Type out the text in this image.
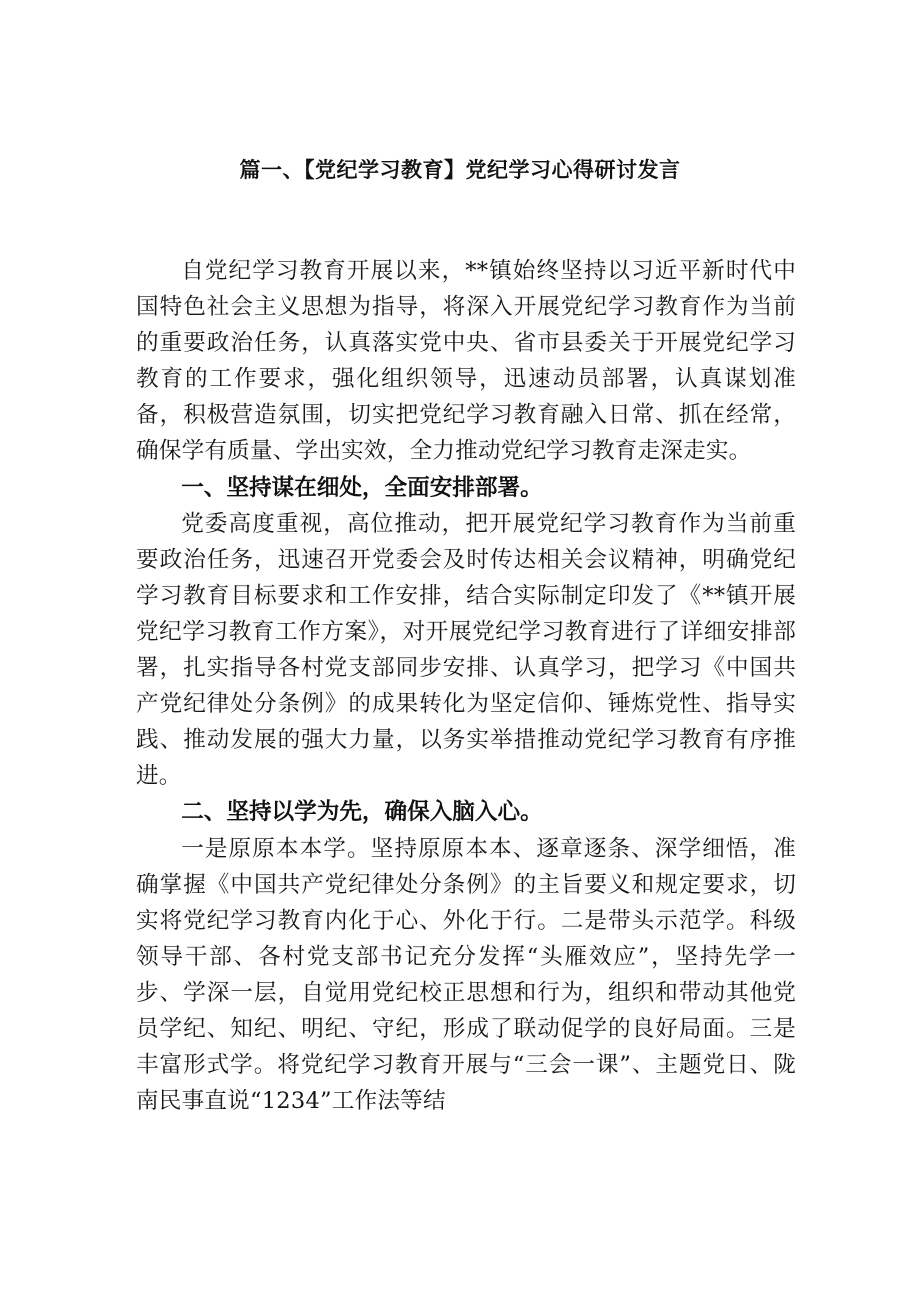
篇一、【党纪学习教育】党纪学习心得研讨发言

自党纪学习教育开展以来，**镇始终坚持以习近平新时代中国特色社会主义思想为指导，将深入开展党纪学习教育作为当前的重要政治任务，认真落实党中央、省市县委关于开展党纪学习教育的工作要求，强化组织领导，迅速动员部署，认真谋划准备，积极营造氛围，切实把党纪学习教育融入日常、抓在经常，确保学有质量、学出实效，全力推动党纪学习教育走深走实。

一、坚持谋在细处，全面安排部署。

党委高度重视，高位推动，把开展党纪学习教育作为当前重要政治任务，迅速召开党委会及时传达相关会议精神，明确党纪学习教育目标要求和工作安排，结合实际制定印发了《**镇开展党纪学习教育工作方案》，对开展党纪学习教育进行了详细安排部署，扎实指导各村党支部同步安排、认真学习，把学习《中国共产党纪律处分条例》的成果转化为坚定信仰、锤炼党性、指导实践、推动发展的强大力量，以务实举措推动党纪学习教育有序推进。

二、坚持以学为先，确保入脑入心。

一是原原本本学。坚持原原本本、逐章逐条、深学细悟，准确掌握《中国共产党纪律处分条例》的主旨要义和规定要求，切实将党纪学习教育内化于心、外化于行。二是带头示范学。科级领导干部、各村党支部书记充分发挥“头雁效应”，坚持先学一步、学深一层，自觉用党纪校正思想和行为，组织和带动其他党员学纪、知纪、明纪、守纪，形成了联动促学的良好局面。三是丰富形式学。将党纪学习教育开展与“三会一课”、主题党日、陇南民事直说“1234”工作法等结
